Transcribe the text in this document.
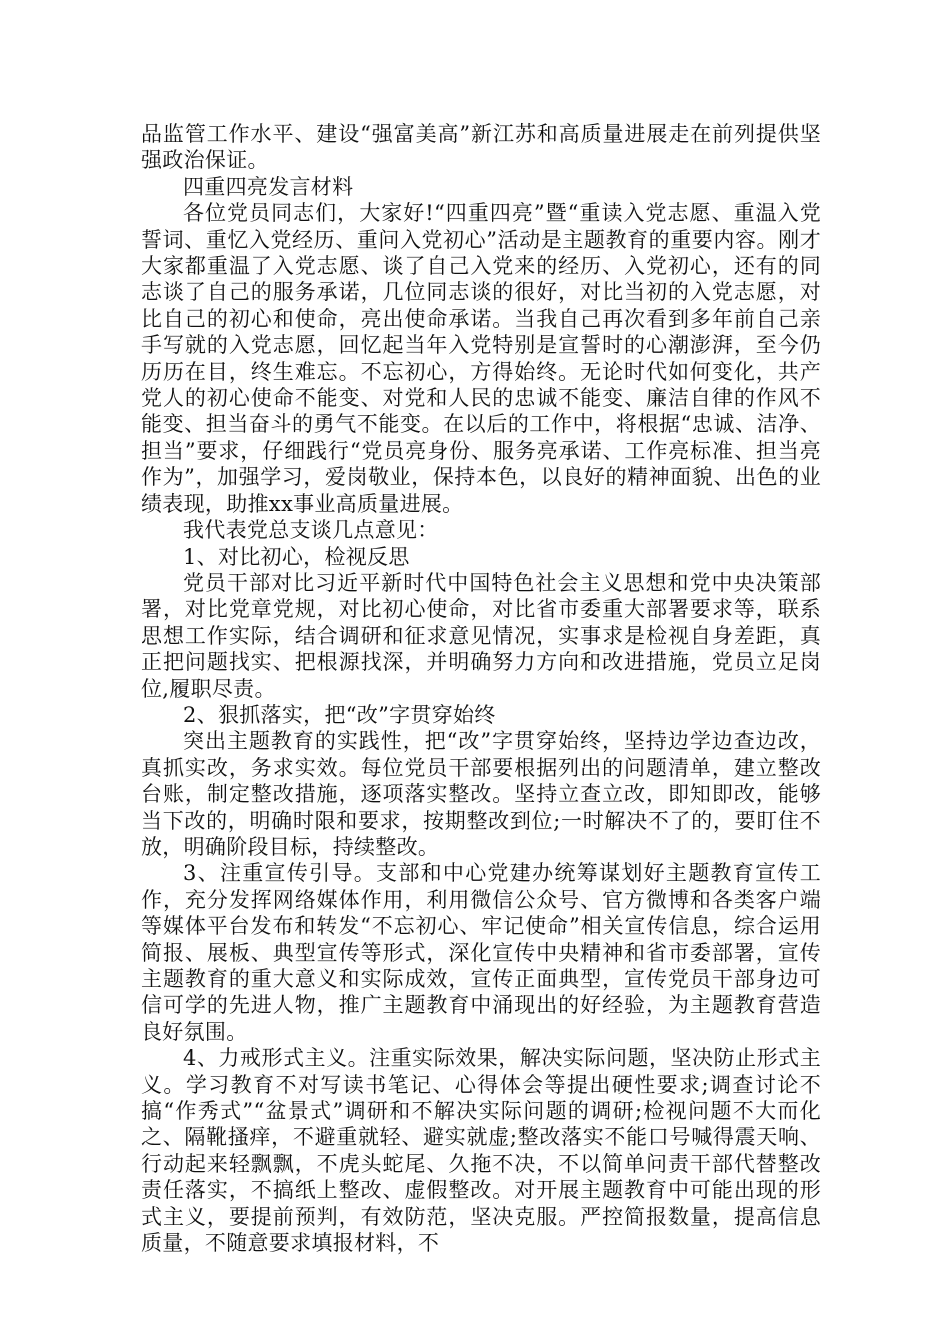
品监管工作水平、建设“强富美高”新江苏和高质量进展走在前列提供坚强政治保证。

四重四亮发言材料

各位党员同志们，大家好!“四重四亮”暨“重读入党志愿、重温入党誓词、重忆入党经历、重问入党初心”活动是主题教育的重要内容。刚才大家都重温了入党志愿、谈了自己入党来的经历、入党初心，还有的同志谈了自己的服务承诺，几位同志谈的很好，对比当初的入党志愿，对比自己的初心和使命，亮出使命承诺。当我自己再次看到多年前自己亲手写就的入党志愿，回忆起当年入党特别是宣誓时的心潮澎湃，至今仍历历在目，终生难忘。不忘初心，方得始终。无论时代如何变化，共产党人的初心使命不能变、对党和人民的忠诚不能变、廉洁自律的作风不能变、担当奋斗的勇气不能变。在以后的工作中，将根据“忠诚、洁净、担当”要求，仔细践行“党员亮身份、服务亮承诺、工作亮标准、担当亮作为”，加强学习，爱岗敬业，保持本色，以良好的精神面貌、出色的业绩表现，助推xx事业高质量进展。

我代表党总支谈几点意见：

1、对比初心，检视反思

党员干部对比习近平新时代中国特色社会主义思想和党中央决策部署，对比党章党规，对比初心使命，对比省市委重大部署要求等，联系思想工作实际，结合调研和征求意见情况，实事求是检视自身差距，真正把问题找实、把根源找深，并明确努力方向和改进措施，党员立足岗位,履职尽责。

2、狠抓落实，把“改”字贯穿始终

突出主题教育的实践性，把“改”字贯穿始终，坚持边学边查边改，真抓实改，务求实效。每位党员干部要根据列出的问题清单，建立整改台账，制定整改措施，逐项落实整改。坚持立查立改，即知即改，能够当下改的，明确时限和要求，按期整改到位;一时解决不了的，要盯住不放，明确阶段目标，持续整改。

3、注重宣传引导。支部和中心党建办统筹谋划好主题教育宣传工作，充分发挥网络媒体作用，利用微信公众号、官方微博和各类客户端等媒体平台发布和转发“不忘初心、牢记使命”相关宣传信息，综合运用简报、展板、典型宣传等形式，深化宣传中央精神和省市委部署，宣传主题教育的重大意义和实际成效，宣传正面典型，宣传党员干部身边可信可学的先进人物，推广主题教育中涌现出的好经验，为主题教育营造良好氛围。

4、力戒形式主义。注重实际效果，解决实际问题，坚决防止形式主义。学习教育不对写读书笔记、心得体会等提出硬性要求;调查讨论不搞“作秀式”“盆景式”调研和不解决实际问题的调研;检视问题不大而化之、隔靴搔痒，不避重就轻、避实就虚;整改落实不能口号喊得震天响、行动起来轻飘飘，不虎头蛇尾、久拖不决，不以简单问责干部代替整改责任落实，不搞纸上整改、虚假整改。对开展主题教育中可能出现的形式主义，要提前预判，有效防范，坚决克服。严控简报数量，提高信息质量，不随意要求填报材料，不
